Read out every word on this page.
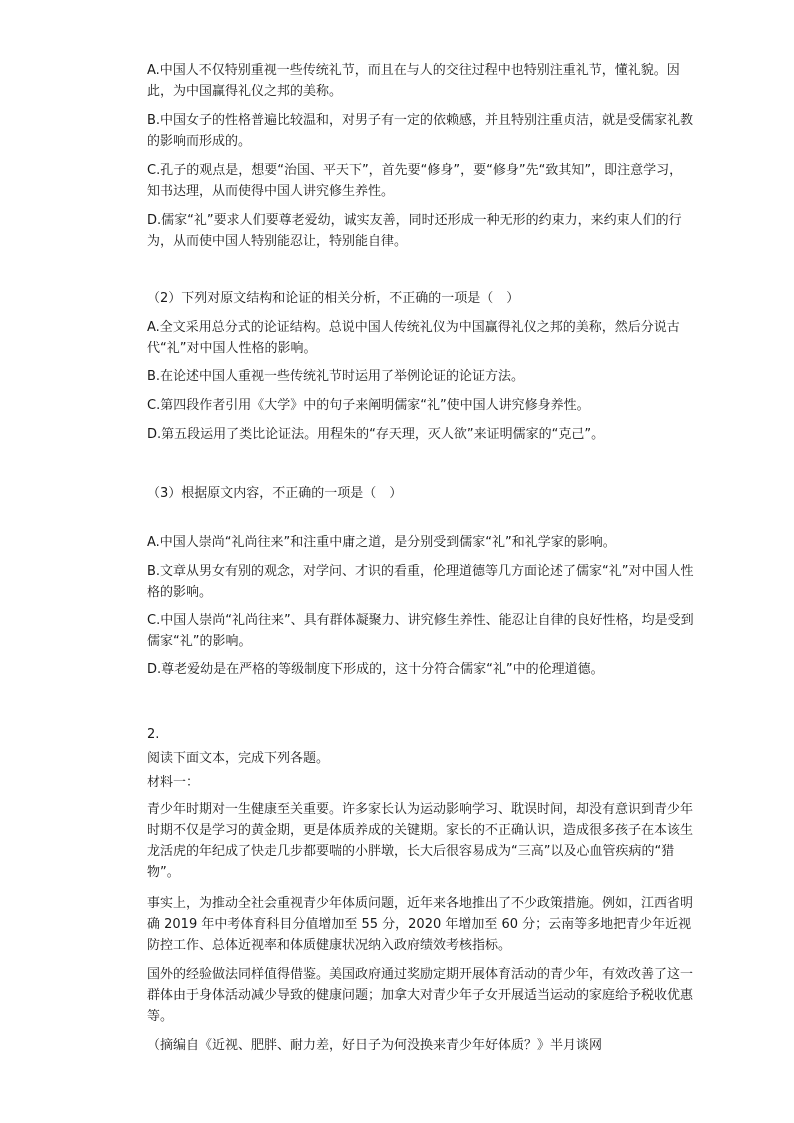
A.中国人不仅特别重视一些传统礼节，而且在与人的交往过程中也特别注重礼节，懂礼貌。因此，为中国赢得礼仪之邦的美称。

B.中国女子的性格普遍比较温和，对男子有一定的依赖感，并且特别注重贞洁，就是受儒家礼教的影响而形成的。

C.孔子的观点是，想要“治国、平天下”，首先要“修身”，要“修身”先“致其知”，即注意学习，知书达理，从而使得中国人讲究修生养性。

D.儒家“礼”要求人们要尊老爱幼，诚实友善，同时还形成一种无形的约束力，来约束人们的行为，从而使中国人特别能忍让，特别能自律。

（2）下列对原文结构和论证的相关分析，不正确的一项是（　）

A.全文采用总分式的论证结构。总说中国人传统礼仪为中国赢得礼仪之邦的美称，然后分说古代“礼”对中国人性格的影响。

B.在论述中国人重视一些传统礼节时运用了举例论证的论证方法。

C.第四段作者引用《大学》中的句子来阐明儒家“礼”使中国人讲究修身养性。

D.第五段运用了类比论证法。用程朱的“存天理，灭人欲”来证明儒家的“克己”。

（3）根据原文内容，不正确的一项是（　）

A.中国人崇尚“礼尚往来”和注重中庸之道，是分别受到儒家“礼”和礼学家的影响。

B.文章从男女有别的观念，对学问、才识的看重，伦理道德等几方面论述了儒家“礼”对中国人性格的影响。

C.中国人崇尚“礼尚往来”、具有群体凝聚力、讲究修生养性、能忍让自律的良好性格，均是受到儒家“礼”的影响。

D.尊老爱幼是在严格的等级制度下形成的，这十分符合儒家“礼”中的伦理道德。

2.

阅读下面文本，完成下列各题。

材料一：

青少年时期对一生健康至关重要。许多家长认为运动影响学习、耽误时间，却没有意识到青少年时期不仅是学习的黄金期，更是体质养成的关键期。家长的不正确认识，造成很多孩子在本该生龙活虎的年纪成了快走几步都要喘的小胖墩，长大后很容易成为“三高”以及心血管疾病的“猎物”。

事实上，为推动全社会重视青少年体质问题，近年来各地推出了不少政策措施。例如，江西省明确 2019 年中考体育科目分值增加至 55 分，2020 年增加至 60 分；云南等多地把青少年近视防控工作、总体近视率和体质健康状况纳入政府绩效考核指标。

国外的经验做法同样值得借鉴。美国政府通过奖励定期开展体育活动的青少年，有效改善了这一群体由于身体活动减少导致的健康问题；加拿大对青少年子女开展适当运动的家庭给予税收优惠等。

（摘编自《近视、肥胖、耐力差，好日子为何没换来青少年好体质？》半月谈网
